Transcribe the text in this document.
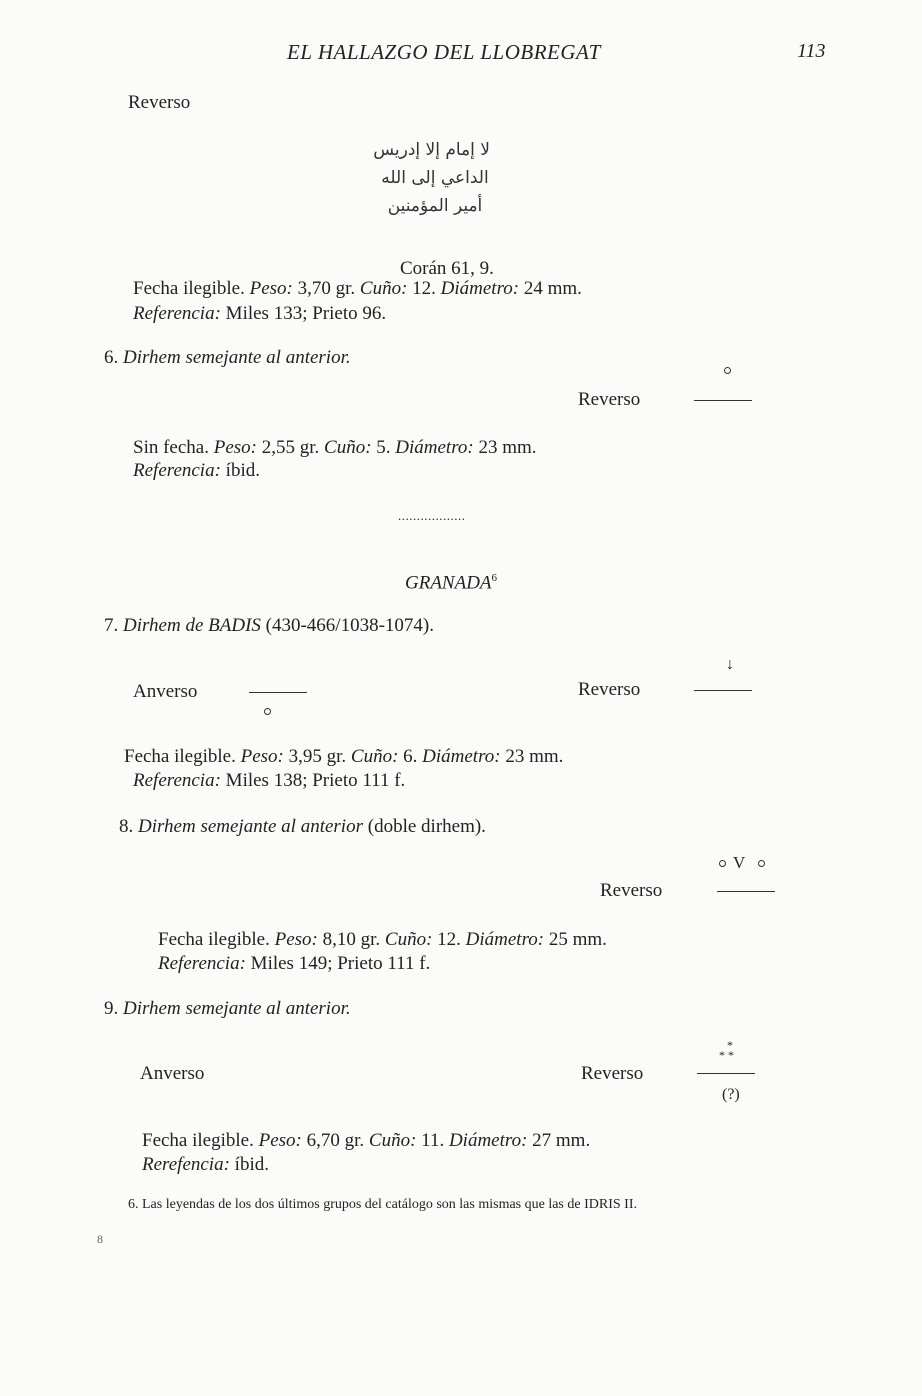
EL HALLAZGO DEL LLOBREGAT	113
Reverso
لا إمام إلا إدريس
الداعي إلى الله
أمير المؤمنين
Corán 61, 9.
Fecha ilegible. Peso: 3,70 gr. Cuño: 12. Diámetro: 24 mm.
Referencia: Miles 133; Prieto 96.
6. Dirhem semejante al anterior.
Reverso
Sin fecha. Peso: 2,55 gr. Cuño: 5. Diámetro: 23 mm.
Referencia: íbid.
..................
GRANADA$^6$
7. Dirhem de BADIS (430-466/1038-1074).
↓
Anverso	Reverso
Fecha ilegible. Peso: 3,95 gr. Cuño: 6. Diámetro: 23 mm.
Referencia: Miles 138; Prieto 111 f.
8. Dirhem semejante al anterior (doble dirhem).
V
Reverso
Fecha ilegible. Peso: 8,10 gr. Cuño: 12. Diámetro: 25 mm.
Referencia: Miles 149; Prieto 111 f.
9. Dirhem semejante al anterior.
Anverso
*
* *
Reverso
(?)
Fecha ilegible. Peso: 6,70 gr. Cuño: 11. Diámetro: 27 mm.
Rerefencia: íbid.
6. Las leyendas de los dos últimos grupos del catálogo son las mismas que las de IDRIS II.
8
